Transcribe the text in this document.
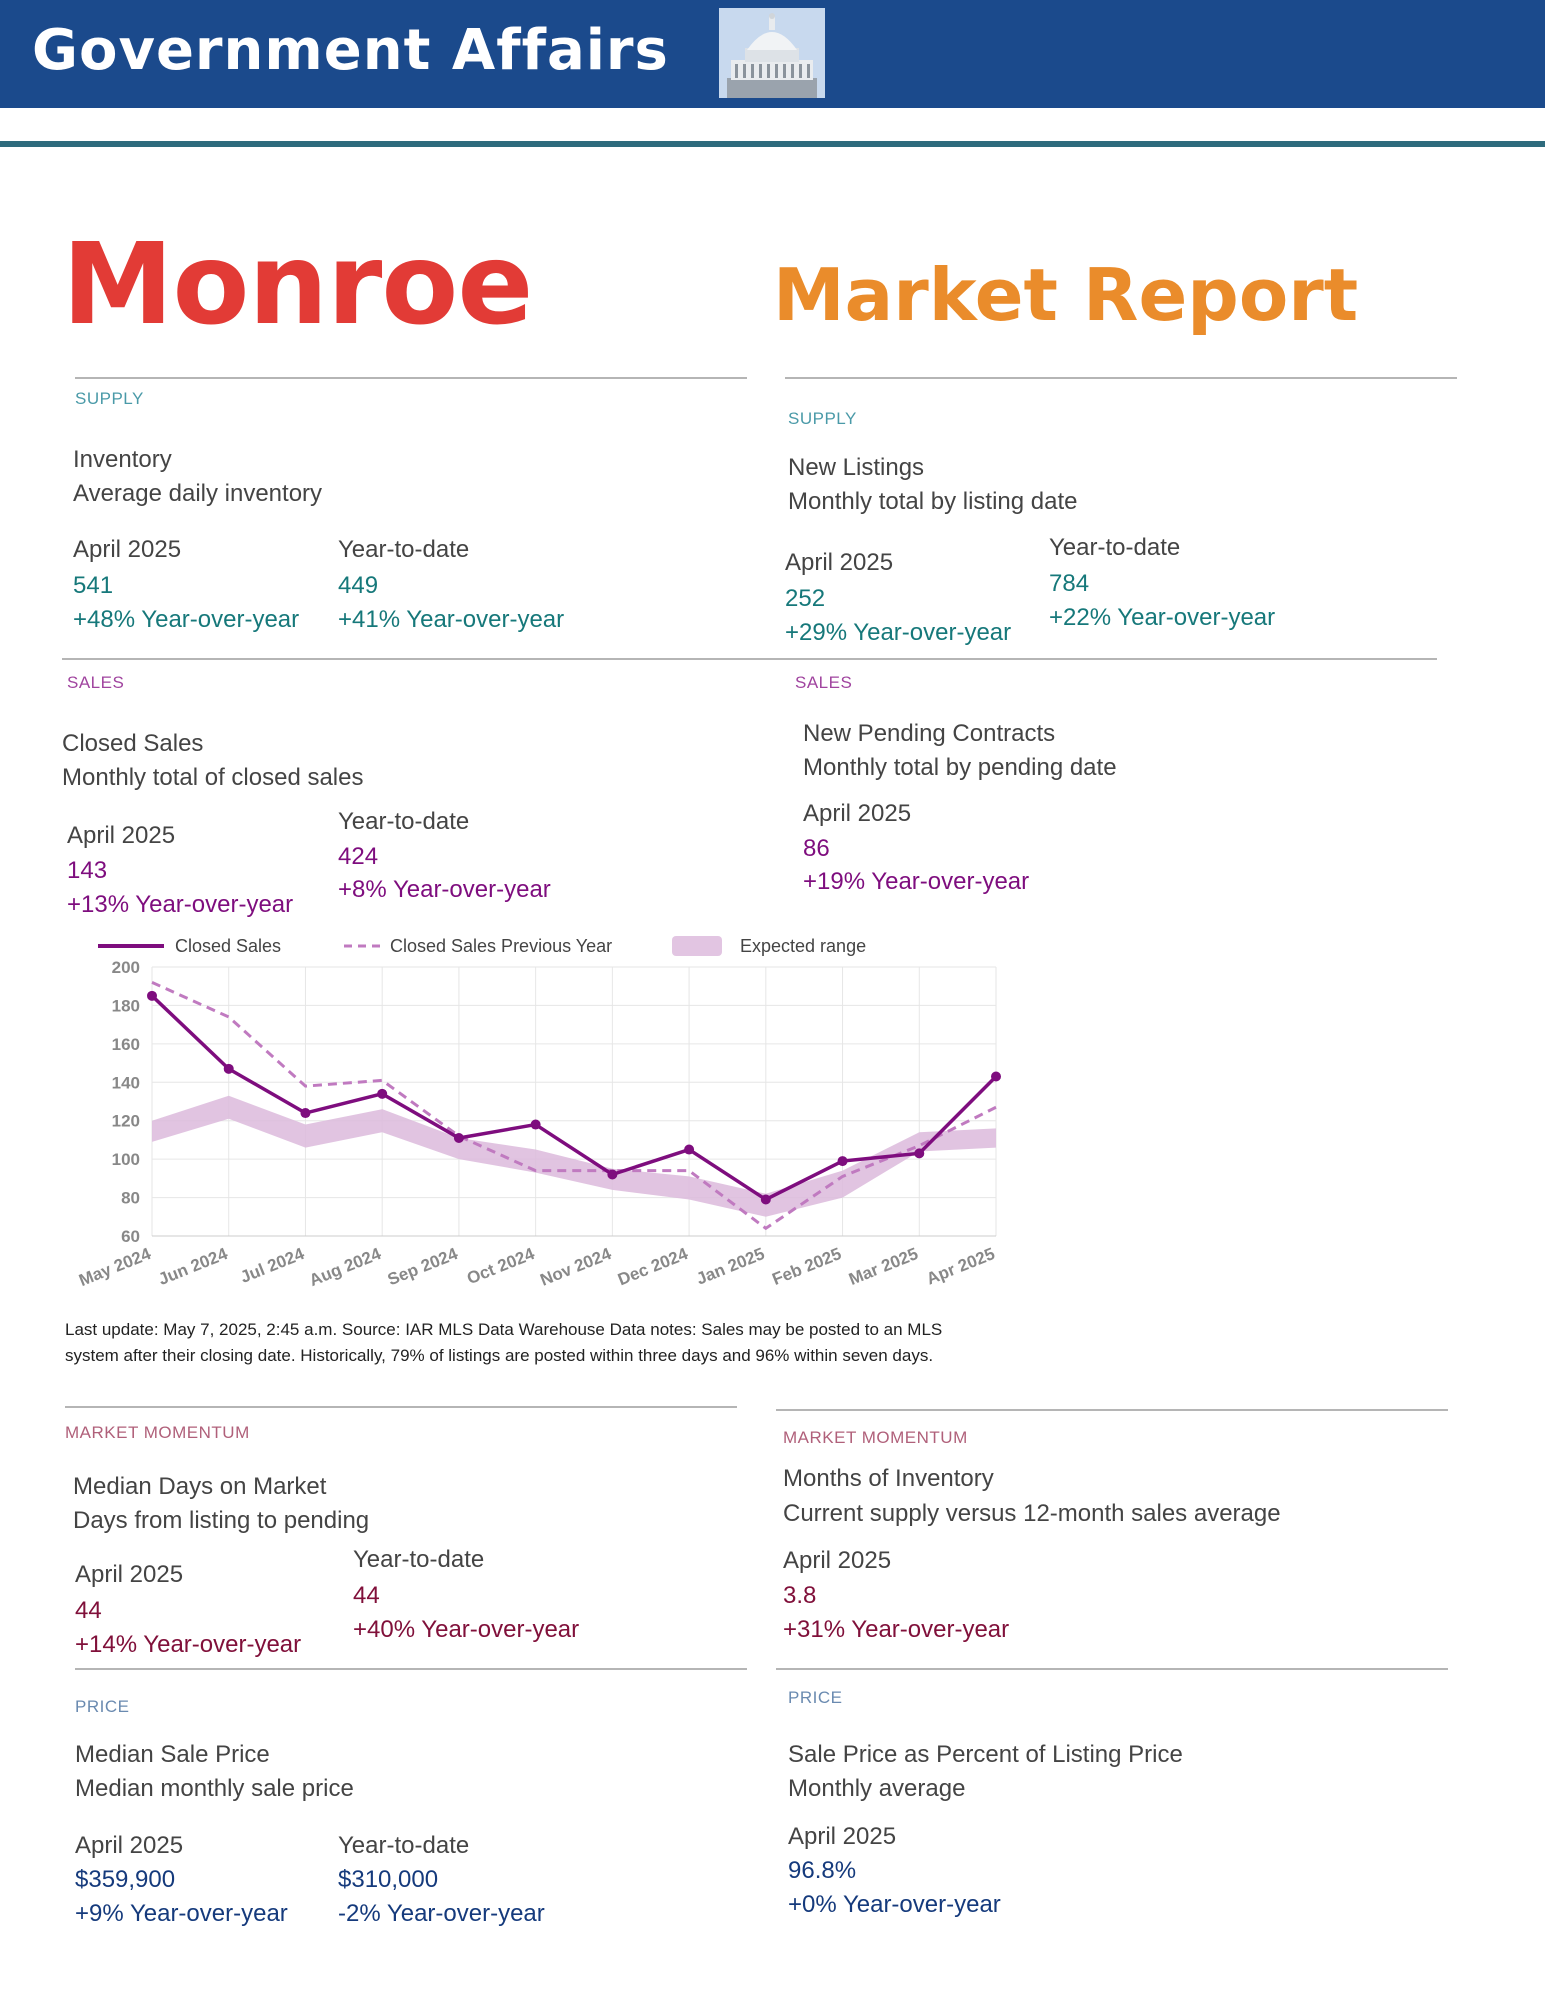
Government Affairs
Monroe	Market Report
SUPPLY
Inventory
Average daily inventory
April 2025
541
+48% Year-over-year
Year-to-date
449
+41% Year-over-year
SUPPLY
New Listings
Monthly total by listing date
April 2025
252
+29% Year-over-year
Year-to-date
784
+22% Year-over-year
SALES
Closed Sales
Monthly total of closed sales
April 2025
143
+13% Year-over-year
Year-to-date
424
+8% Year-over-year
SALES
New Pending Contracts
Monthly total by pending date
April 2025
86
+19% Year-over-year
Closed Sales	Closed Sales Previous Year	Expected range
200
180
160
140
120
100
80
60
May 2024 Jun 2024 Jul 2024 Aug 2024 Sep 2024 Oct 2024 Nov 2024 Dec 2024 Jan 2025 Feb 2025 Mar 2025 Apr 2025
Last update: May 7, 2025, 2:45 a.m. Source: IAR MLS Data Warehouse Data notes: Sales may be posted to an MLS system after their closing date. Historically, 79% of listings are posted within three days and 96% within seven days.
MARKET MOMENTUM
Median Days on Market
Days from listing to pending
April 2025
44
+14% Year-over-year
Year-to-date
44
+40% Year-over-year
MARKET MOMENTUM
Months of Inventory
Current supply versus 12-month sales average
April 2025
3.8
+31% Year-over-year
PRICE
Median Sale Price
Median monthly sale price
April 2025
$359,900
+9% Year-over-year
Year-to-date
$310,000
-2% Year-over-year
PRICE
Sale Price as Percent of Listing Price
Monthly average
April 2025
96.8%
+0% Year-over-year
